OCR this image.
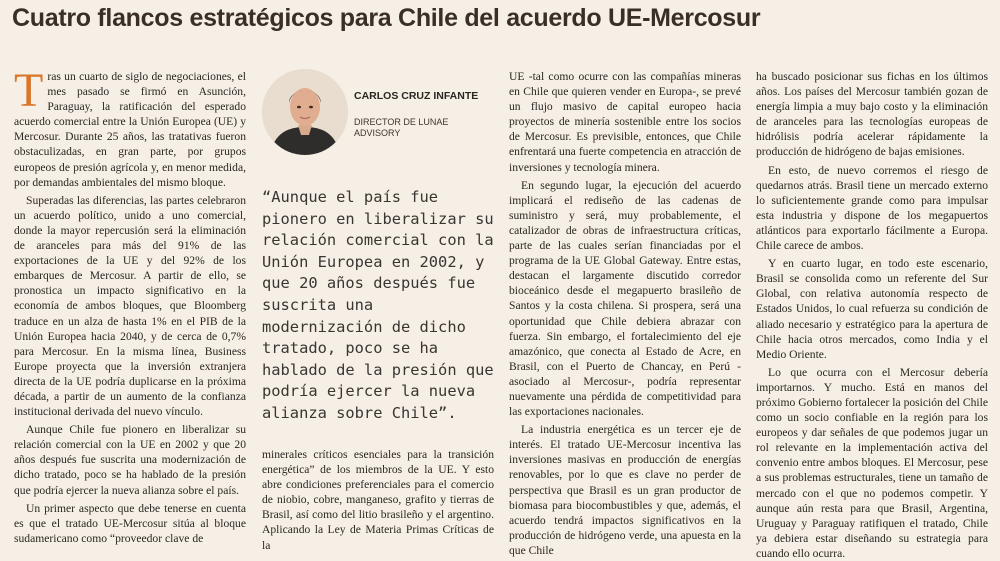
Cuatro flancos estratégicos para Chile del acuerdo UE-Mercosur

Tras un cuarto de siglo de negociaciones, el mes pasado se firmó en Asunción, Paraguay, la ratificación del esperado acuerdo comercial entre la Unión Europea (UE) y Mercosur. Durante 25 años, las tratativas fueron obstaculizadas, en gran parte, por grupos europeos de presión agrícola y, en menor medida, por demandas ambientales del mismo bloque.

Superadas las diferencias, las partes celebraron un acuerdo político, unido a uno comercial, donde la mayor repercusión será la eliminación de aranceles para más del 91% de las exportaciones de la UE y del 92% de los embarques de Mercosur. A partir de ello, se pronostica un impacto significativo en la economía de ambos bloques, que Bloomberg traduce en un alza de hasta 1% en el PIB de la Unión Europea hacia 2040, y de cerca de 0,7% para Mercosur. En la misma línea, Business Europe proyecta que la inversión extranjera directa de la UE podría duplicarse en la próxima década, a partir de un aumento de la confianza institucional derivada del nuevo vínculo.

Aunque Chile fue pionero en liberalizar su relación comercial con la UE en 2002 y que 20 años después fue suscrita una modernización de dicho tratado, poco se ha hablado de la presión que podría ejercer la nueva alianza sobre el país.

Un primer aspecto que debe tenerse en cuenta es que el tratado UE-Mercosur sitúa al bloque sudamericano como “proveedor clave de

CARLOS CRUZ INFANTE
DIRECTOR DE LUNAE ADVISORY
“Aunque el país fue pionero en liberalizar su relación comercial con la Unión Europea en 2002, y que 20 años después fue suscrita una modernización de dicho tratado, poco se ha hablado de la presión que podría ejercer la nueva alianza sobre Chile”.

minerales críticos esenciales para la transición energética” de los miembros de la UE. Y esto abre condiciones preferenciales para el comercio de niobio, cobre, manganeso, grafito y tierras de Brasil, así como del litio brasileño y el argentino. Aplicando la Ley de Materia Primas Críticas de la

UE -tal como ocurre con las compañías mineras en Chile que quieren vender en Europa-, se prevé un flujo masivo de capital europeo hacia proyectos de minería sostenible entre los socios de Mercosur. Es previsible, entonces, que Chile enfrentará una fuerte competencia en atracción de inversiones y tecnología minera.

En segundo lugar, la ejecución del acuerdo implicará el rediseño de las cadenas de suministro y será, muy probablemente, el catalizador de obras de infraestructura críticas, parte de las cuales serían financiadas por el programa de la UE Global Gateway. Entre estas, destacan el largamente discutido corredor bioceánico desde el megapuerto brasileño de Santos y la costa chilena. Si prospera, será una oportunidad que Chile debiera abrazar con fuerza. Sin embargo, el fortalecimiento del eje amazónico, que conecta al Estado de Acre, en Brasil, con el Puerto de Chancay, en Perú -asociado al Mercosur-, podría representar nuevamente una pérdida de competitividad para las exportaciones nacionales.

La industria energética es un tercer eje de interés. El tratado UE-Mercosur incentiva las inversiones masivas en producción de energías renovables, por lo que es clave no perder de perspectiva que Brasil es un gran productor de biomasa para biocombustibles y que, además, el acuerdo tendrá impactos significativos en la producción de hidrógeno verde, una apuesta en la que Chile

ha buscado posicionar sus fichas en los últimos años. Los países del Mercosur también gozan de energía limpia a muy bajo costo y la eliminación de aranceles para las tecnologías europeas de hidrólisis podría acelerar rápidamente la producción de hidrógeno de bajas emisiones.

En esto, de nuevo corremos el riesgo de quedarnos atrás. Brasil tiene un mercado externo lo suficientemente grande como para impulsar esta industria y dispone de los megapuertos atlánticos para exportarlo fácilmente a Europa. Chile carece de ambos.

Y en cuarto lugar, en todo este escenario, Brasil se consolida como un referente del Sur Global, con relativa autonomía respecto de Estados Unidos, lo cual refuerza su condición de aliado necesario y estratégico para la apertura de Chile hacia otros mercados, como India y el Medio Oriente.

Lo que ocurra con el Mercosur debería importarnos. Y mucho. Está en manos del próximo Gobierno fortalecer la posición del Chile como un socio confiable en la región para los europeos y dar señales de que podemos jugar un rol relevante en la implementación activa del convenio entre ambos bloques. El Mercosur, pese a sus problemas estructurales, tiene un tamaño de mercado con el que no podemos competir. Y aunque aún resta para que Brasil, Argentina, Uruguay y Paraguay ratifiquen el tratado, Chile ya debiera estar diseñando su estrategia para cuando ello ocurra.
